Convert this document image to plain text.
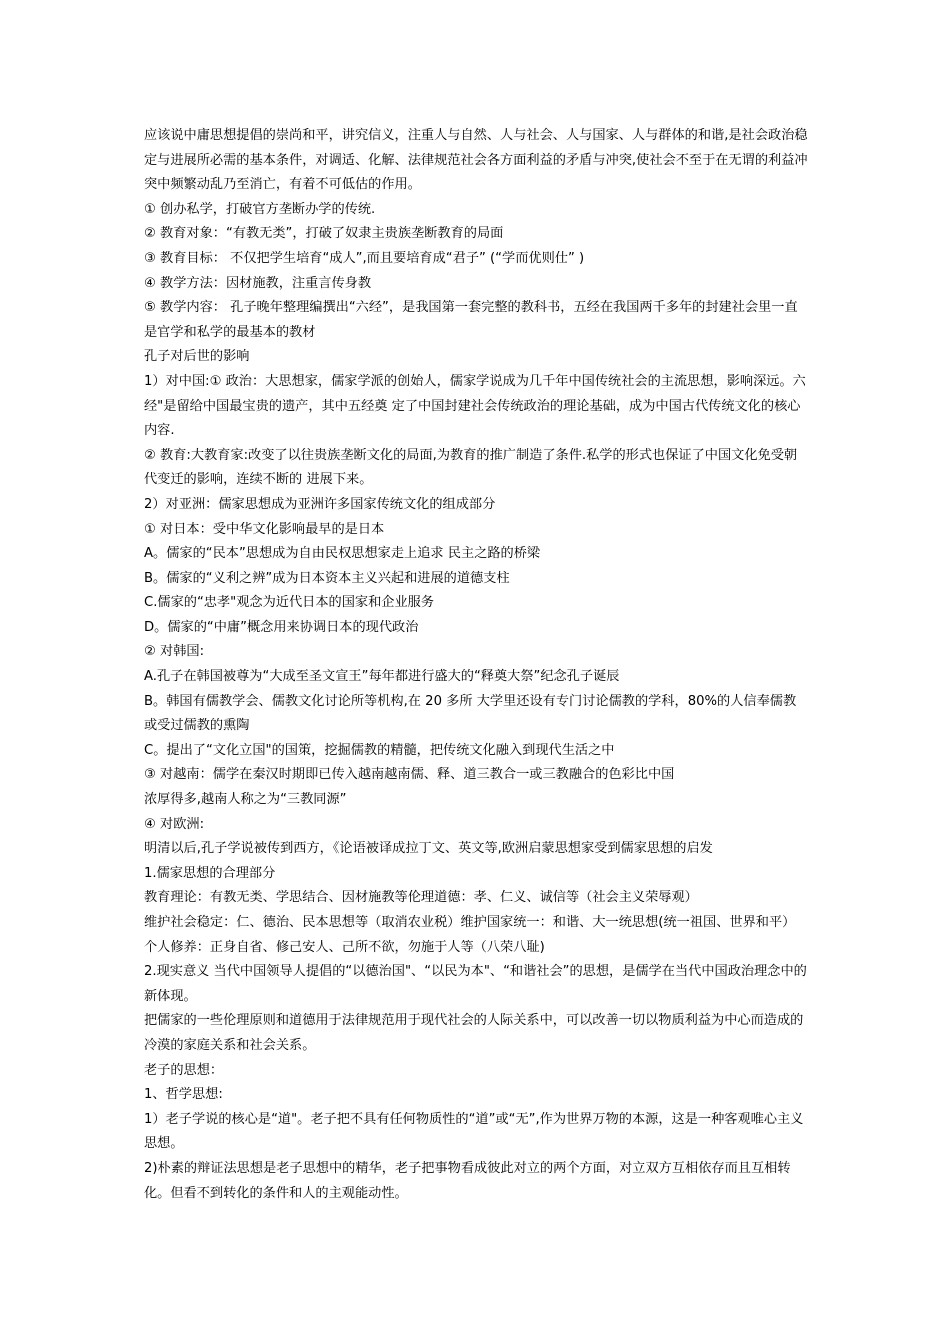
应该说中庸思想提倡的崇尚和平，讲究信义，注重人与自然、人与社会、人与国家、人与群体的和谐,是社会政治稳定与进展所必需的基本条件，对调适、化解、法律规范社会各方面利益的矛盾与冲突,使社会不至于在无谓的利益冲突中频繁动乱乃至消亡，有着不可低估的作用。

① 创办私学，打破官方垄断办学的传统.

② 教育对象：“有教无类”，打破了奴隶主贵族垄断教育的局面

③ 教育目标： 不仅把学生培育“成人”,而且要培育成“君子” (“学而优则仕” )

④ 教学方法：因材施教，注重言传身教

⑤ 教学内容： 孔子晚年整理编撰出“六经”，是我国第一套完整的教科书，五经在我国两千多年的封建社会里一直是官学和私学的最基本的教材

孔子对后世的影响

1）对中国:① 政治：大思想家，儒家学派的创始人，儒家学说成为几千年中国传统社会的主流思想，影响深远。六经"是留给中国最宝贵的遗产，其中五经奠 定了中国封建社会传统政治的理论基础，成为中国古代传统文化的核心内容.

② 教育:大教育家:改变了以往贵族垄断文化的局面,为教育的推广制造了条件.私学的形式也保证了中国文化免受朝代变迁的影响，连续不断的 进展下来。

2）对亚洲：儒家思想成为亚洲许多国家传统文化的组成部分

① 对日本：受中华文化影响最早的是日本

A。儒家的“民本”思想成为自由民权思想家走上追求 民主之路的桥梁

B。儒家的“义利之辨”成为日本资本主义兴起和进展的道德支柱

C.儒家的“忠孝"观念为近代日本的国家和企业服务

D。儒家的“中庸”概念用来协调日本的现代政治

② 对韩国:

A.孔子在韩国被尊为“大成至圣文宣王”每年都进行盛大的“释奠大祭”纪念孔子诞辰

B。韩国有儒教学会、儒教文化讨论所等机构,在 20 多所 大学里还设有专门讨论儒教的学科，80%的人信奉儒教或受过儒教的熏陶

C。提出了“文化立国"的国策，挖掘儒教的精髓，把传统文化融入到现代生活之中

③ 对越南：儒学在秦汉时期即已传入越南越南儒、释、道三教合一或三教融合的色彩比中国

浓厚得多,越南人称之为“三教同源”

④ 对欧洲:

明清以后,孔子学说被传到西方，《论语被译成拉丁文、英文等,欧洲启蒙思想家受到儒家思想的启发

1.儒家思想的合理部分

教育理论：有教无类、学思结合、因材施教等伦理道德：孝、仁义、诚信等（社会主义荣辱观）

维护社会稳定：仁、德治、民本思想等（取消农业税）维护国家统一：和谐、大一统思想(统一祖国、世界和平）个人修养：正身自省、修己安人、己所不欲，勿施于人等（八荣八耻)

2.现实意义 当代中国领导人提倡的“以德治国"、“以民为本"、“和谐社会”的思想，是儒学在当代中国政治理念中的新体现。

把儒家的一些伦理原则和道德用于法律规范用于现代社会的人际关系中，可以改善一切以物质利益为中心而造成的冷漠的家庭关系和社会关系。

老子的思想：

1、哲学思想:

1）老子学说的核心是“道"。老子把不具有任何物质性的“道”或“无”,作为世界万物的本源，这是一种客观唯心主义思想。

2)朴素的辩证法思想是老子思想中的精华，老子把事物看成彼此对立的两个方面，对立双方互相依存而且互相转化。但看不到转化的条件和人的主观能动性。
